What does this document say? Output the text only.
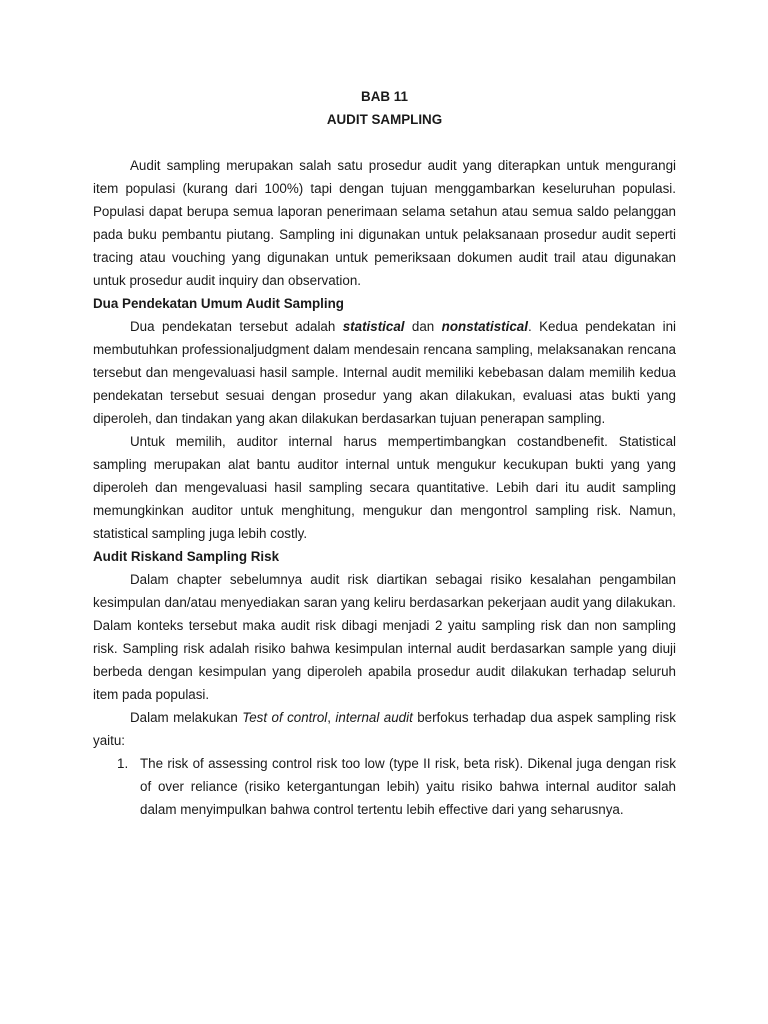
BAB 11
AUDIT SAMPLING

Audit sampling merupakan salah satu prosedur audit yang diterapkan untuk mengurangi item populasi (kurang dari 100%) tapi dengan tujuan menggambarkan keseluruhan populasi. Populasi dapat berupa semua laporan penerimaan selama setahun atau semua saldo pelanggan pada buku pembantu piutang. Sampling ini digunakan untuk pelaksanaan prosedur audit seperti tracing atau vouching yang digunakan untuk pemeriksaan dokumen audit trail atau digunakan untuk prosedur audit inquiry dan observation.

Dua Pendekatan Umum Audit Sampling

Dua pendekatan tersebut adalah statistical dan nonstatistical. Kedua pendekatan ini membutuhkan professionaljudgment dalam mendesain rencana sampling, melaksanakan rencana tersebut dan mengevaluasi hasil sample. Internal audit memiliki kebebasan dalam memilih kedua pendekatan tersebut sesuai dengan prosedur yang akan dilakukan, evaluasi atas bukti yang diperoleh, dan tindakan yang akan dilakukan berdasarkan tujuan penerapan sampling.

Untuk memilih, auditor internal harus mempertimbangkan costandbenefit. Statistical sampling merupakan alat bantu auditor internal untuk mengukur kecukupan bukti yang yang diperoleh dan mengevaluasi hasil sampling secara quantitative. Lebih dari itu audit sampling memungkinkan auditor untuk menghitung, mengukur dan mengontrol sampling risk. Namun, statistical sampling juga lebih costly.

Audit Riskand Sampling Risk

Dalam chapter sebelumnya audit risk diartikan sebagai risiko kesalahan pengambilan kesimpulan dan/atau menyediakan saran yang keliru berdasarkan pekerjaan audit yang dilakukan. Dalam konteks tersebut maka audit risk dibagi menjadi 2 yaitu sampling risk dan non sampling risk. Sampling risk adalah risiko bahwa kesimpulan internal audit berdasarkan sample yang diuji berbeda dengan kesimpulan yang diperoleh apabila prosedur audit dilakukan terhadap seluruh item pada populasi.

Dalam melakukan Test of control, internal audit berfokus terhadap dua aspek sampling risk yaitu:

1. The risk of assessing control risk too low (type II risk, beta risk). Dikenal juga dengan risk of over reliance (risiko ketergantungan lebih) yaitu risiko bahwa internal auditor salah dalam menyimpulkan bahwa control tertentu lebih effective dari yang seharusnya.
